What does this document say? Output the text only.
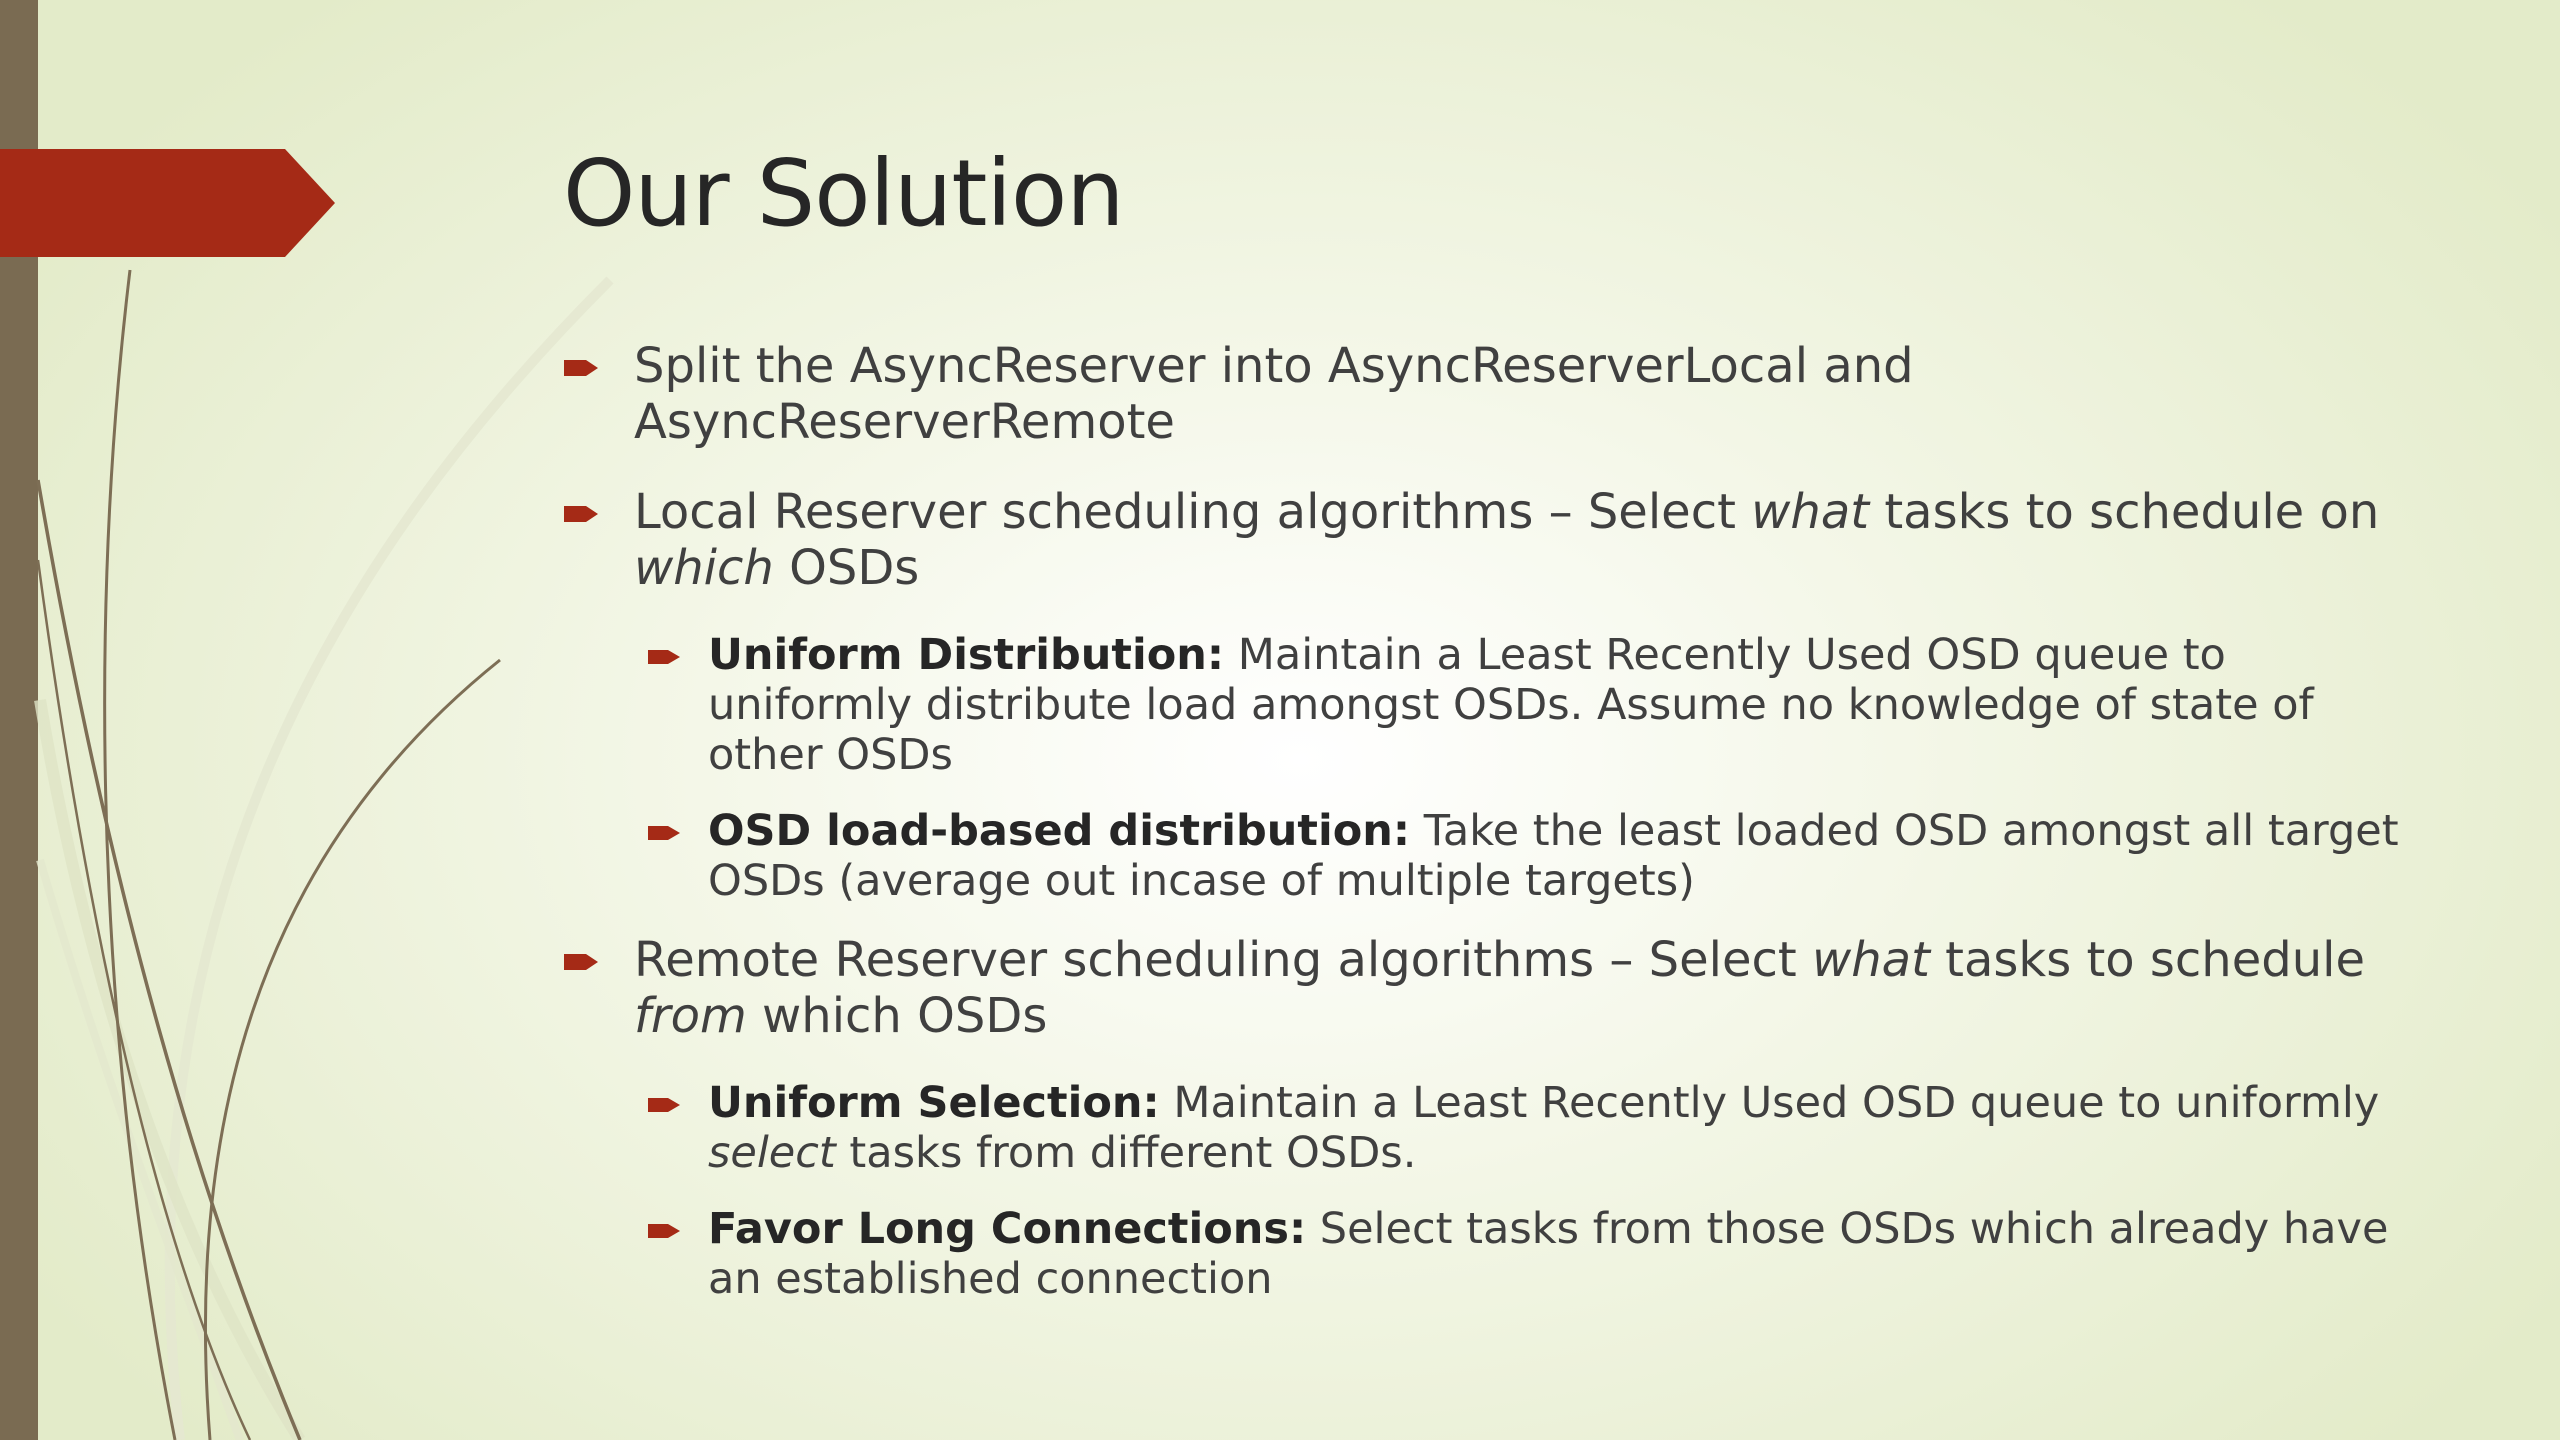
Our Solution

Split the AsyncReserver into AsyncReserverLocal and AsyncReserverRemote

Local Reserver scheduling algorithms – Select what tasks to schedule on which OSDs

Uniform Distribution: Maintain a Least Recently Used OSD queue to uniformly distribute load amongst OSDs. Assume no knowledge of state of other OSDs

OSD load-based distribution: Take the least loaded OSD amongst all target OSDs (average out incase of multiple targets)

Remote Reserver scheduling algorithms – Select what tasks to schedule from which OSDs

Uniform Selection: Maintain a Least Recently Used OSD queue to uniformly select tasks from different OSDs.

Favor Long Connections: Select tasks from those OSDs which already have an established connection
